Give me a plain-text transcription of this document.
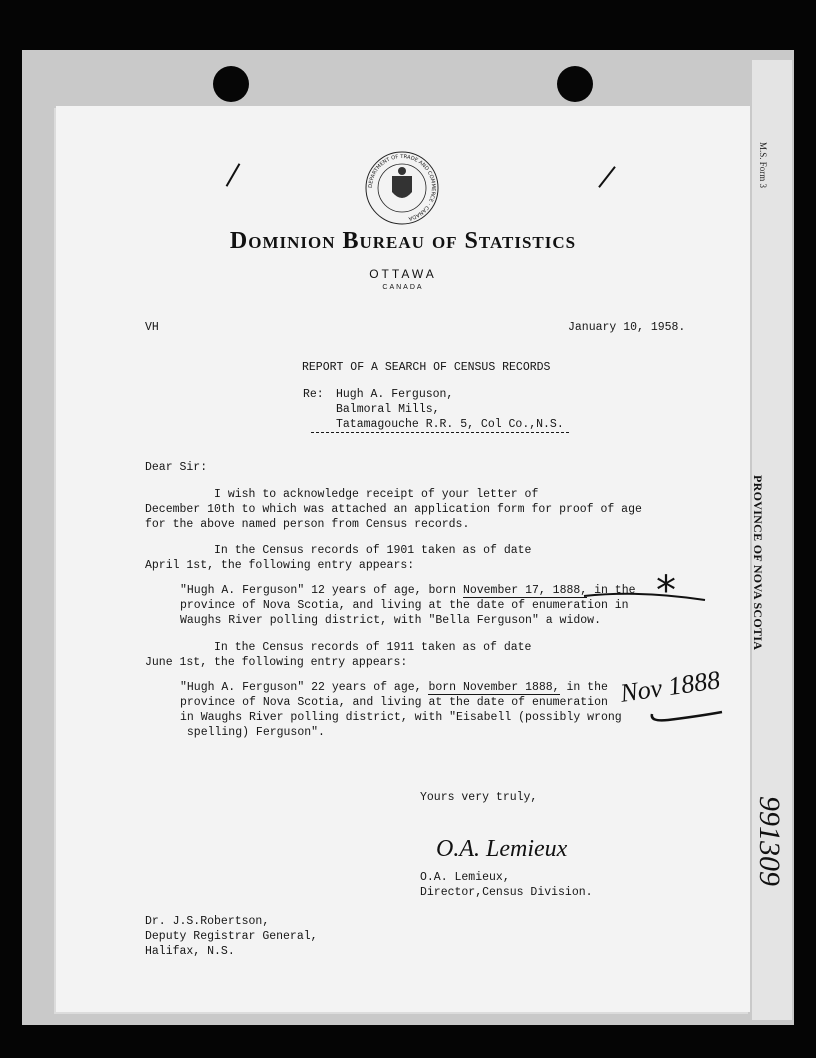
M.S. Form 3
PROVINCE OF NOVA SCOTIA
991309
DEPARTMENT OF TRADE AND COMMERCE · CANADA
Dominion Bureau of Statistics
OTTAWA
CANADA
VH	January 10, 1958.
REPORT OF A SEARCH OF CENSUS RECORDS
Re: Hugh A. Ferguson,
Balmoral Mills,
Tatamagouche R.R. 5, Col Co.,N.S.
Dear Sir:
I wish to acknowledge receipt of your letter of
December 10th to which was attached an application form for proof of age
for the above named person from Census records.
In the Census records of 1901 taken as of date
April 1st, the following entry appears:
"Hugh A. Ferguson" 12 years of age, born November 17, 1888, in the
province of Nova Scotia, and living at the date of enumeration in
Waughs River polling district, with "Bella Ferguson" a widow.
In the Census records of 1911 taken as of date
June 1st, the following entry appears:
"Hugh A. Ferguson" 22 years of age, born November 1888, in the
province of Nova Scotia, and living at the date of enumeration
in Waughs River polling district, with "Eisabell (possibly wrong
spelling) Ferguson".
Yours very truly,
O.A. Lemieux
O.A. Lemieux,
Director,Census Division.
Dr. J.S.Robertson,
Deputy Registrar General,
Halifax, N.S.
*
Nov 1888
